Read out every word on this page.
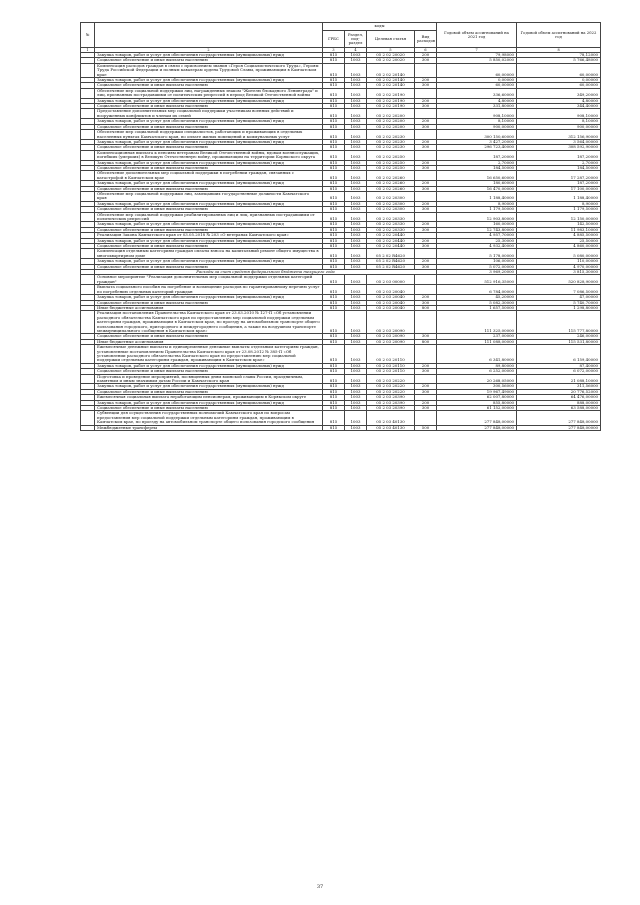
№		коды				Годовой объем ассигнований на 2021 год	Годовой объем ассигнований на 2022 год
		ГРБС	Раздел, под-раздел	Целевая статья	Вид расходов		
1	2	3	4	5	6	7	8
	Закупка товаров, работ и услуг для обеспечения государственных (муниципальных) нужд	815	1003	05 2 02 20020	200	79,98000	78,12000
	Социальное обеспечение и иные выплаты населению	815	1003	05 2 02 20020	300	5 850,02000	5 766,48000
	Компенсация расходов граждан в связи с присвоением звания «Героя Социалистического Труда», Героям Труда Российской Федерации и полным кавалерам ордена Трудовой Славы, проживающим в Камчатском крае	815	1003	05 2 02 20140		60,00000	60,00000
	Закупка товаров, работ и услуг для обеспечения государственных (муниципальных) нужд	815	1003	05 2 02 20140	200	0,00000	0,00000
	Социальное обеспечение и иные выплаты населению	815	1003	05 2 02 20140	300	60,00000	60,00000
	Обеспечение мер социальной поддержки лиц, награжденных знаком "Жителю блокадного Ленинграда" и лиц, признанных пострадавшими от политических репрессий в период Великой Отечественной войны	815	1003	05 2 02 20190		336,60000	349,20000
	Закупка товаров, работ и услуг для обеспечения государственных (муниципальных) нужд	815	1003	05 2 02 20190	200	4,80000	4,80000
	Социальное обеспечение и иные выплаты населению	815	1003	05 2 02 20190	300	331,80000	344,40000
	Предоставление дополнительных мер социальной поддержки участникам военных действий и вооруженных конфликтов и членам их семей	815	1003	05 2 02 20200		908,10000	908,10000
	Закупка товаров, работ и услуг для обеспечения государственных (муниципальных) нужд	815	1003	05 2 02 20200	200	8,10000	8,10000
	Социальное обеспечение и иные выплаты населению	815	1003	05 2 02 20200	300	900,00000	900,00000
	Обеспечение мер социальной поддержки специалистов, работающих и проживающих в отдельных населенных пунктах Камчатского края, по оплате жилых помещений и коммунальных услуг	815	1003	05 2 02 20230		300 150,60000	312 156,90000
	Закупка товаров, работ и услуг для обеспечения государственных (муниципальных) нужд	815	1003	05 2 02 20230	200	3 427,20000	3 564,00000
	Социальное обеспечение и иные выплаты населению	815	1003	05 2 02 20230	300	296 723,40000	308 592,90000
	Компенсационная выплата к пенсиям ветеранам Великой Отечественной войны, вдовам военнослужащих, погибших (умерших) в Великую Отечественную войну, проживающим на территории Корякского округа	815	1003	05 2 02 20250		187,20000	187,20000
	Закупка товаров, работ и услуг для обеспечения государственных (муниципальных) нужд	815	1003	05 2 02 20250	200	2,70000	2,70000
	Социальное обеспечение и иные выплаты населению	815	1003	05 2 02 20250	300	184,50000	184,50000
	Обеспечение дополнительных мер социальной поддержки в погребении граждан, связанных с катастрофой в Камчатском крае	815	1003	05 2 02 20260		16 650,60000	17 287,20000
	Закупка товаров, работ и услуг для обеспечения государственных (муниципальных) нужд	815	1003	05 2 02 20260	200	180,60000	187,20000
	Социальное обеспечение и иные выплаты населению	815	1003	05 2 02 20260	300	16 470,00000	17 100,00000
	Обеспечение мер социальной поддержки лиц, замещавших государственные должности Камчатского края	815	1003	05 2 02 20300		1 188,40000	1 188,40000
	Закупка товаров, работ и услуг для обеспечения государственных (муниципальных) нужд	815	1003	05 2 02 20300	200	8,90000	8,90000
	Социальное обеспечение и иные выплаты населению	815	1003	05 2 02 20300	300	1 179,50000	1 179,50000
	Обеспечение мер социальной поддержки реабилитированных лиц и лиц, признанных пострадавшими от политических репрессий	815	1003	05 2 02 20330		12 903,80000	12 150,00000
	Закупка товаров, работ и услуг для обеспечения государственных (муниципальных) нужд	815	1003	05 2 02 20330	200	160,00000	142,50000
	Социальное обеспечение и иные выплаты населению	815	1003	05 2 02 20330	300	12 743,80000	11 983,10000
	Реализация Закона Камчатского края от 03.05.2018 № 203 «О ветеранах Камчатского края»	815	1003	05 2 02 20440		4 957,70000	4 885,50000
	Закупка товаров, работ и услуг для обеспечения государственных (муниципальных) нужд	815	1003	05 2 02 20440	200	25,30000	25,50000
	Социальное обеспечение и иные выплаты населению	815	1003	05 2 02 20440	300	4 932,40000	4 860,00000
	Компенсация отдельным категориям граждан оплаты взноса на капитальный ремонт общего имущества в многоквартирном доме	815	1003	05 2 02 R4620		5 178,00000	5 080,00000
	Закупка товаров, работ и услуг для обеспечения государственных (муниципальных) нужд	815	1003	05 2 02 R4620	200	106,00000	110,00000
	Социальное обеспечение и иные выплаты населению	815	1003	05 2 02 R4620	300	5 072,00000	4 970,00000
	Расходы за счет средств федерального бюджета текущего года					3 969,20000	3 815,30000
	Основное мероприятие "Реализация дополнительных мер социальной поддержки отдельных категорий граждан"	815	1003	05 2 03 00000		512 916,35000	520 828,90000
	Выплата социального пособия на погребение и возмещение расходов по гарантированному перечню услуг по погребению отдельных категорий граждан	815	1003	05 2 03 20040		6 784,00000	7 086,50000
	Закупка товаров, работ и услуг для обеспечения государственных (муниципальных) нужд	815	1003	05 2 03 20040	200	45,20000	47,00000
	Социальное обеспечение и иные выплаты населению	815	1003	05 2 03 20040	300	5 082,30000	5 740,70000
	Иные бюджетные ассигнования	815	1003	05 2 03 20040	800	1 657,50000	1 298,80000
	Реализация постановления Правительства Камчатского края от 23.03.2010 № 127-П «Об установлении расходного обязательства Камчатского края по предоставлению мер социальной поддержки отдельным категориям граждан, проживающим в Камчатском крае, по проезду на автомобильном транспорте общего пользования городского, пригородного и междугороднего сообщения, а также на воздушном транспорте межмуниципального сообщения в Камчатском крае»	815	1003	05 2 03 20090		111 325,00000	115 777,80000
	Социальное обеспечение и иные выплаты населению	815	1003	05 2 03 20090	300	237,00000	246,00000
	Иные бюджетные ассигнования	815	1003	05 2 03 20090	800	111 088,00000	115 531,80000
	Ежемесячные денежные выплаты и единовременные денежные выплаты отдельным категориям граждан, установленные постановлением Правительства Камчатского края от 23.08.2012 № 385-П «Об установлении расходного обязательства Камчатского края по предоставлению мер социальной поддержки отдельным категориям граждан, проживающим в Камчатском крае»	815	1003	05 2 03 20110		6 341,80000	6 159,40000
	Закупка товаров, работ и услуг для обеспечения государственных (муниципальных) нужд	815	1003	05 2 03 20110	200	89,80000	87,40000
	Социальное обеспечение и иные выплаты населению	815	1003	05 2 03 20110	300	6 252,00000	6 072,00000
	Подготовка и проведение мероприятий, посвященных дням воинской славы России, праздничным, памятным и иным значимым датам России и Камчатского края	815	1003	05 2 03 20220		20 268,05000	21 088,10000
	Закупка товаров, работ и услуг для обеспечения государственных (муниципальных) нужд	815	1003	05 2 03 20220	200	300,56000	311,56000
	Социальное обеспечение и иные выплаты населению	815	1003	05 2 03 20220	300	19 967,49000	20 776,52000
	Ежемесячная социальная выплата неработающим пенсионерам, проживающим в Корякском округе	815	1003	05 2 03 20390		62 007,80000	64 476,00000
	Закупка товаров, работ и услуг для обеспечения государственных (муниципальных) нужд	815	1003	05 2 03 20390	200	855,80000	888,00000
	Социальное обеспечение и иные выплаты населению	815	1003	05 2 03 20390	300	61 152,00000	63 588,00000
	Субвенции для осуществления государственных полномочий Камчатского края по вопросам предоставления мер социальной поддержки отдельным категориям граждан, проживающим в Камчатском крае, по проезду на автомобильном транспорте общего пользования городского сообщения	815	1003	05 2 03 40130		277 848,00000	277 848,00000
	Межбюджетные трансферты	815	1003	05 2 03 40130	500	277 848,00000	277 848,00000
37
